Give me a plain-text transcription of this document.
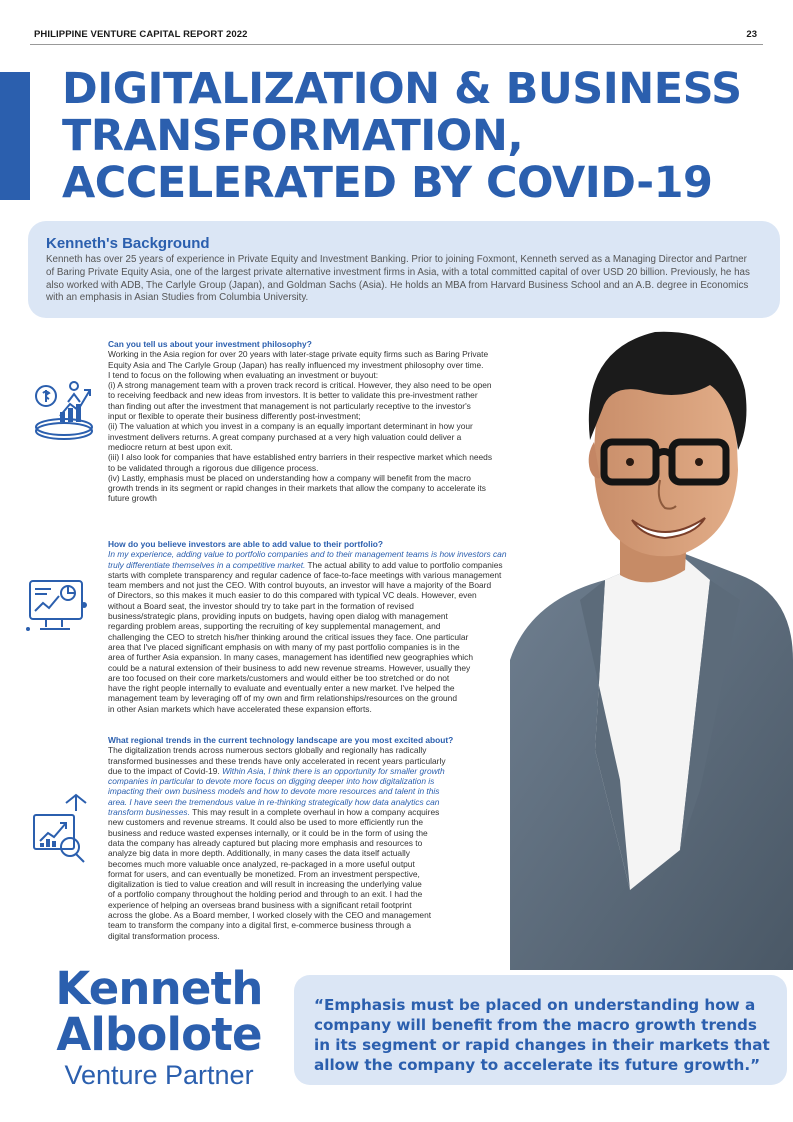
PHILIPPINE VENTURE CAPITAL REPORT 2022	23
DIGITALIZATION & BUSINESS
TRANSFORMATION,
ACCELERATED BY COVID-19
Kenneth's Background

Kenneth has over 25 years of experience in Private Equity and Investment Banking. Prior to joining Foxmont, Kenneth served as a Managing Director and Partner of Baring Private Equity Asia, one of the largest private alternative investment firms in Asia, with a total committed capital of over USD 20 billion. Previously, he has also worked with ADB, The Carlyle Group (Japan), and Goldman Sachs (Asia). He holds an MBA from Harvard Business School and an A.B. degree in Economics with an emphasis in Asian Studies from Columbia University.

Can you tell us about your investment philosophy?

Working in the Asia region for over 20 years with later-stage private equity firms such as Baring Private

Equity Asia and The Carlyle Group (Japan) has really influenced my investment philosophy over time.

I tend to focus on the following when evaluating an investment or buyout:

(i) A strong management team with a proven track record is critical. However, they also need to be open

to receiving feedback and new ideas from investors. It is better to validate this pre-investment rather

than finding out after the investment that management is not particularly receptive to the investor's

input or flexible to operate their business differently post-investment;

(ii) The valuation at which you invest in a company is an equally important determinant in how your

investment delivers returns. A great company purchased at a very high valuation could deliver a

mediocre return at best upon exit.

(iii) I also look for companies that have established entry barriers in their respective market which needs

to be validated through a rigorous due diligence process.

(iv) Lastly, emphasis must be placed on understanding how a company will benefit from the macro

growth trends in its segment or rapid changes in their markets that allow the company to accelerate its

future growth

How do you believe investors are able to add value to their portfolio?

In my experience, adding value to portfolio companies and to their management teams is how investors can

truly differentiate themselves in a competitive market. The actual ability to add value to portfolio companies

starts with complete transparency and regular cadence of face-to-face meetings with various management

team members and not just the CEO. With control buyouts, an investor will have a majority of the Board

of Directors, so this makes it much easier to do this compared with typical VC deals. However, even

without a Board seat, the investor should try to take part in the formation of revised

business/strategic plans, providing inputs on budgets, having open dialog with management

regarding problem areas, supporting the recruiting of key supplemental management, and

challenging the CEO to stretch his/her thinking around the critical issues they face. One particular

area that I've placed significant emphasis on with many of my past portfolio companies is in the

area of further Asia expansion. In many cases, management has identified new geographies which

could be a natural extension of their business to add new revenue streams. However, usually they

are too focused on their core markets/customers and would either be too stretched or do not

have the right people internally to evaluate and eventually enter a new market. I've helped the

management team by leveraging off of my own and firm relationships/resources on the ground

in other Asian markets which have accelerated these expansion efforts.

What regional trends in the current technology landscape are you most excited about?

The digitalization trends across numerous sectors globally and regionally has radically

transformed businesses and these trends have only accelerated in recent years particularly

due to the impact of Covid-19. Within Asia, I think there is an opportunity for smaller growth

companies in particular to devote more focus on digging deeper into how digitalization is

impacting their own business models and how to devote more resources and talent in this

area. I have seen the tremendous value in re-thinking strategically how data analytics can

transform businesses. This may result in a complete overhaul in how a company acquires

new customers and revenue streams. It could also be used to more efficiently run the

business and reduce wasted expenses internally, or it could be in the form of using the

data the company has already captured but placing more emphasis and resources to

analyze big data in more depth. Additionally, in many cases the data itself actually

becomes much more valuable once analyzed, re-packaged in a more useful output

format for users, and can eventually be monetized. From an investment perspective,

digitalization is tied to value creation and will result in increasing the underlying value

of a portfolio company throughout the holding period and through to an exit. I had the

experience of helping an overseas brand business with a significant retail footprint

across the globe. As a Board member, I worked closely with the CEO and management

team to transform the company into a digital first, e-commerce business through a

digital transformation process.

Kenneth
Albolote
Venture Partner

“Emphasis must be placed on understanding how a company will benefit from the macro growth trends in its segment or rapid changes in their markets that allow the company to accelerate its future growth.”
